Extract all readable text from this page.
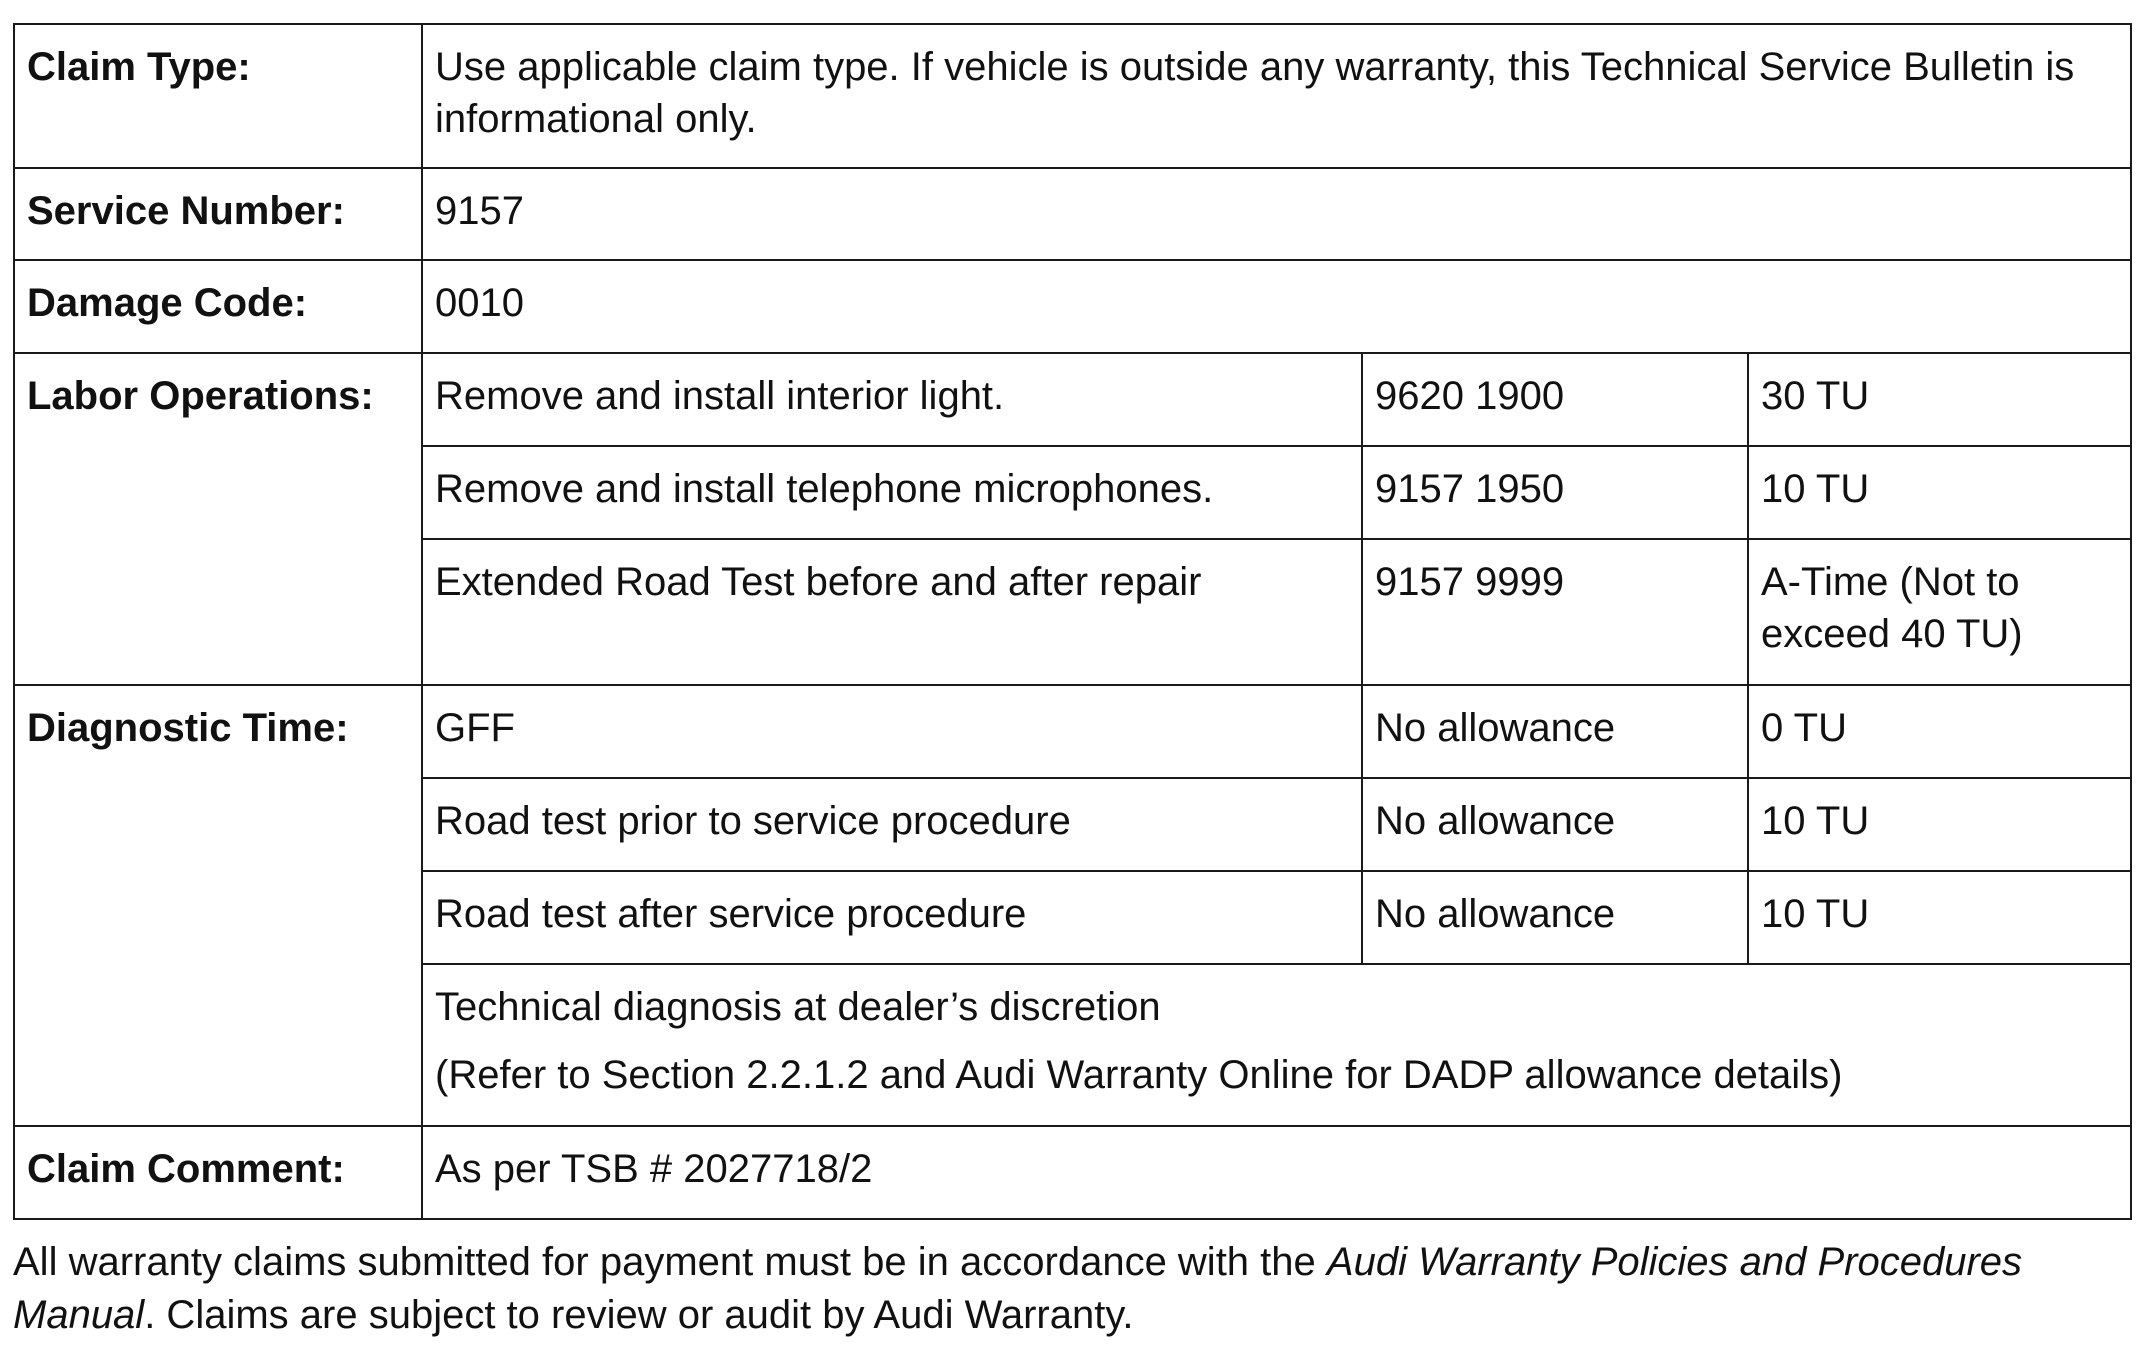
Claim Type:	Use applicable claim type. If vehicle is outside any warranty, this Technical Service Bulletin is informational only.		
Service Number:	9157		
Damage Code:	0010		
Labor Operations:	Remove and install interior light.	9620 1900	30 TU
	Remove and install telephone microphones.	9157 1950	10 TU
	Extended Road Test before and after repair	9157 9999	A-Time (Not to exceed 40 TU)
Diagnostic Time:	GFF	No allowance	0 TU
	Road test prior to service procedure	No allowance	10 TU
	Road test after service procedure	No allowance	10 TU

	Technical diagnosis at dealer’s discretion
(Refer to Section 2.2.1.2 and Audi Warranty Online for DADP allowance details)		

Claim Comment:	As per TSB # 2027718/2		

All warranty claims submitted for payment must be in accordance with the Audi Warranty Policies and Procedures Manual. Claims are subject to review or audit by Audi Warranty.
